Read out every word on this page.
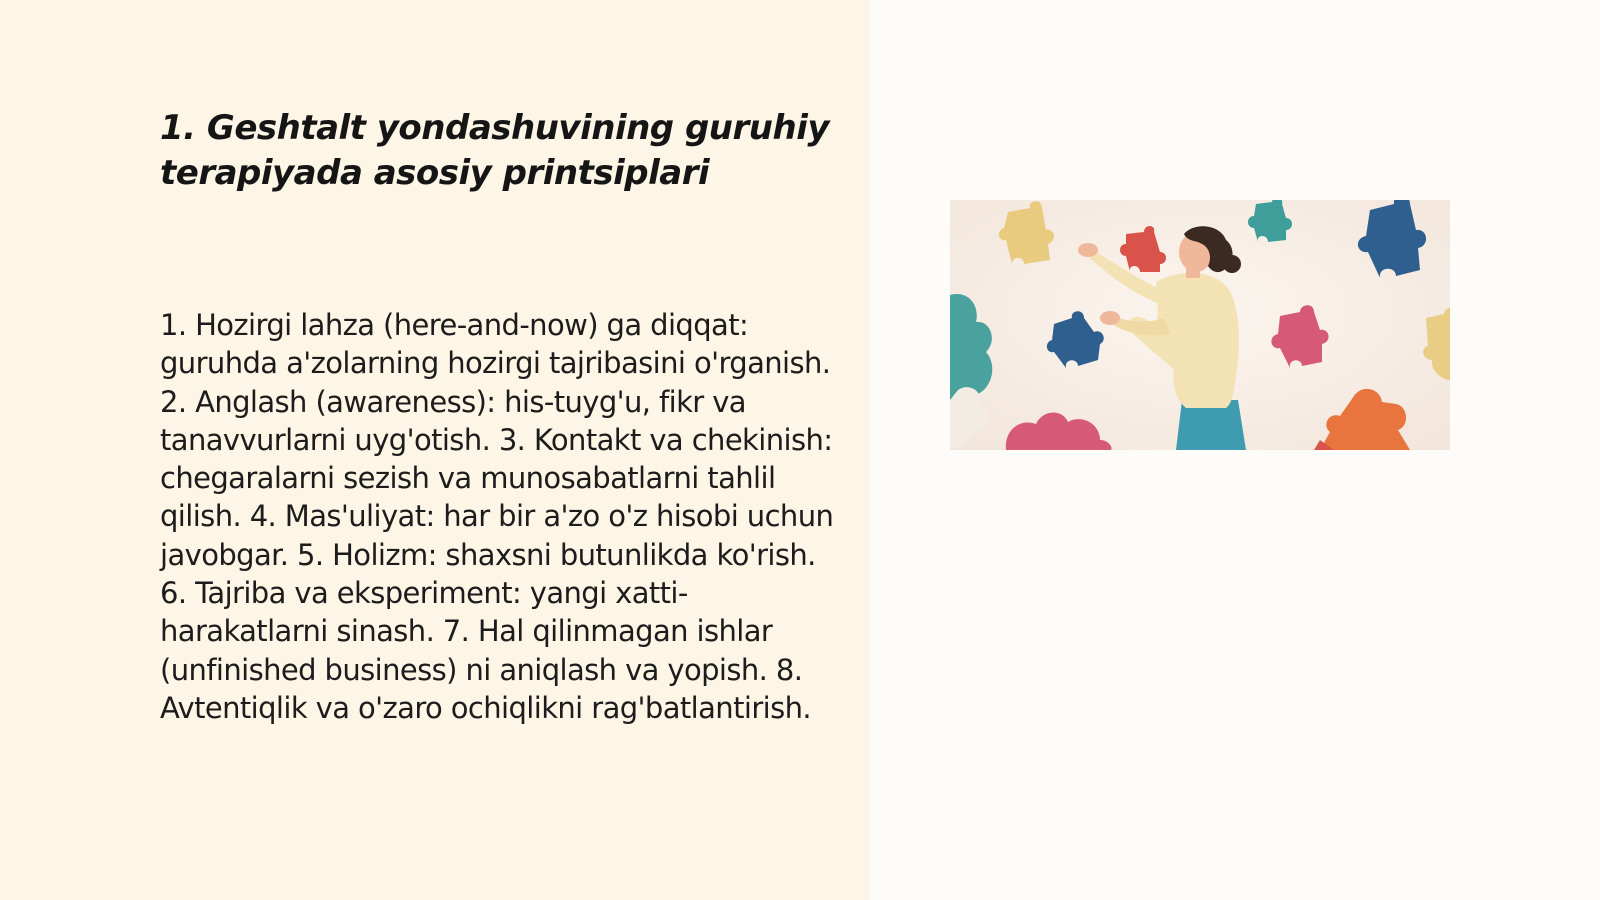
1. Geshtalt yondashuvining guruhiy terapiyada asosiy printsiplari

1. Hozirgi lahza (here-and-now) ga diqqat: guruhda a'zolarning hozirgi tajribasini o'rganish. 2. Anglash (awareness): his-tuyg'u, fikr va tanavvurlarni uyg'otish. 3. Kontakt va chekinish: chegaralarni sezish va munosabatlarni tahlil qilish. 4. Mas'uliyat: har bir a'zo o'z hisobi uchun javobgar. 5. Holizm: shaxsni butunlikda ko'rish. 6. Tajriba va eksperiment: yangi xatti-harakatlarni sinash. 7. Hal qilinmagan ishlar (unfinished business) ni aniqlash va yopish. 8. Avtentiqlik va o'zaro ochiqlikni rag'batlantirish.
